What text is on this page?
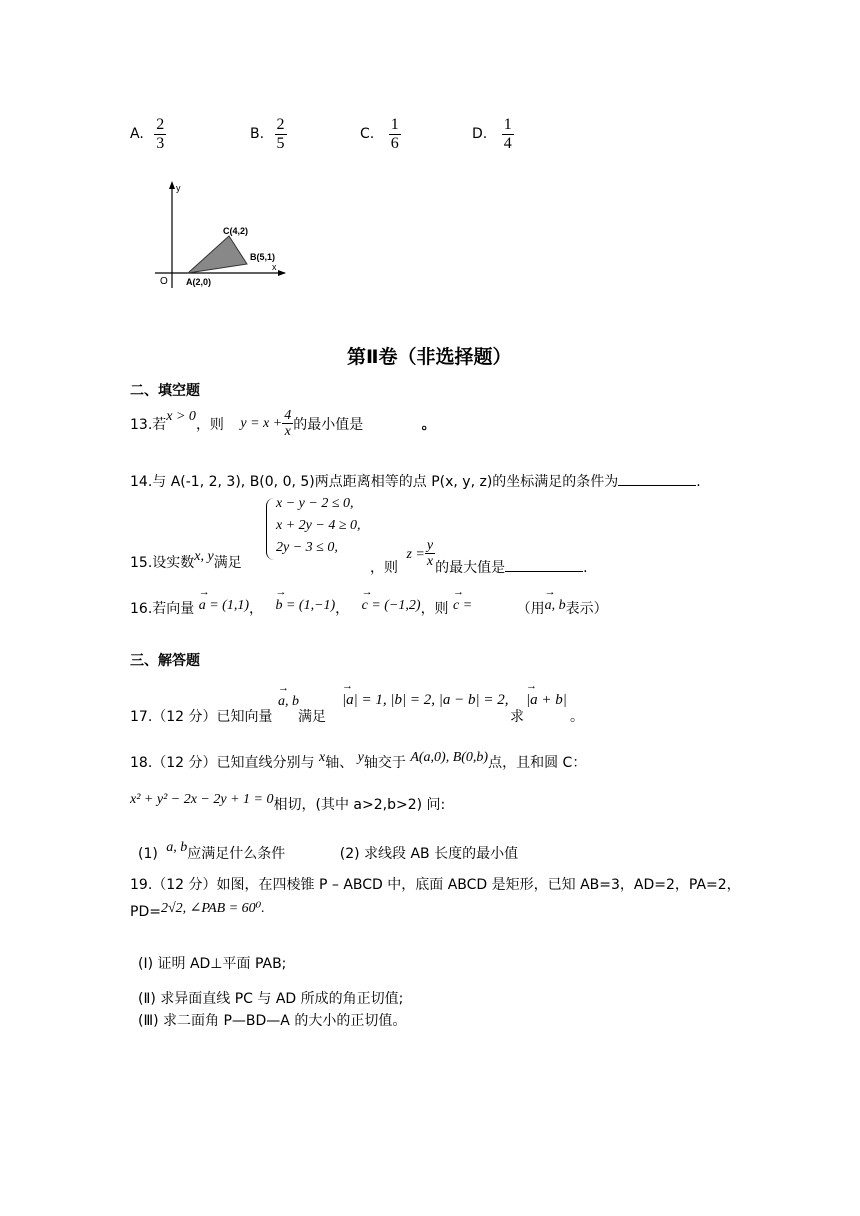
A. $\frac{2}{3}$	B. $\frac{2}{5}$	C. $\frac{1}{6}$	D. $\frac{1}{4}$
y
x
O A(2,0)
B(5,1)
C(4,2)
第Ⅱ卷（非选择题）
二、填空题
13.若x > 0，则 $y = x + \frac{4}{x}$ 的最小值是	。
14.与 A(-1, 2, 3), B(0, 0, 5)两点距离相等的点 P(x, y, z)的坐标满足的条件为	.
15.设实数x, y满足
x − y − 2 ≤ 0,
x + 2y − 4 ≥ 0,
2y − 3 ≤ 0,
，则 $z = \frac{y}{x}$ 的最大值是	.
16.若向量 → a = (1,1)， → b = (1,−1)， → c = (−1,2)，则 → c =	（用→ a, b表示）
三、解答题
17.（12 分）已知向量
→ a, b
满足
→ |a| = 1, |b| = 2, |a − b| = 2,
求
→ |a + b|
。
18.（12 分）已知直线分别与 x轴、 y轴交于 A(a,0), B(0,b)点，且和圆 C：
x² + y² − 2x − 2y + 1 = 0相切，(其中 a>2,b>2) 问:
(1) a, b应满足什么条件	(2) 求线段 AB 长度的最小值
19.（12 分）如图，在四棱锥 P – ABCD 中，底面 ABCD 是矩形，已知 AB=3，AD=2，PA=2，
PD=2√2, ∠PAB = 60⁰.
(Ⅰ) 证明 AD⊥平面 PAB;
(Ⅱ) 求异面直线 PC 与 AD 所成的角正切值;
(Ⅲ) 求二面角 P—BD—A 的大小的正切值。
